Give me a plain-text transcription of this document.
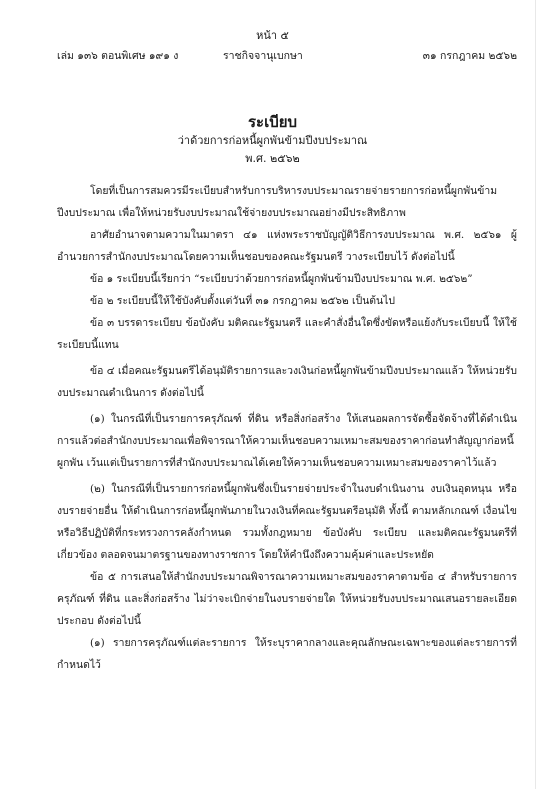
หน้า ๕
เล่ม ๑๓๖ ตอนพิเศษ ๑๙๑ ง	ราชกิจจานุเบกษา	๓๑ กรกฎาคม ๒๕๖๒
ระเบียบ
ว่าด้วยการก่อหนี้ผูกพันข้ามปีงบประมาณ
พ.ศ. ๒๕๖๒

โดยที่เป็นการสมควรมีระเบียบสำหรับการบริหารงบประมาณรายจ่ายรายการก่อหนี้ผูกพันข้ามปีงบประมาณ เพื่อให้หน่วยรับงบประมาณใช้จ่ายงบประมาณอย่างมีประสิทธิภาพ

อาศัยอำนาจตามความในมาตรา ๔๑ แห่งพระราชบัญญัติวิธีการงบประมาณ พ.ศ. ๒๕๖๑ ผู้อำนวยการสำนักงบประมาณโดยความเห็นชอบของคณะรัฐมนตรี วางระเบียบไว้ ดังต่อไปนี้

ข้อ ๑ ระเบียบนี้เรียกว่า “ระเบียบว่าด้วยการก่อหนี้ผูกพันข้ามปีงบประมาณ พ.ศ. ๒๕๖๒”

ข้อ ๒ ระเบียบนี้ให้ใช้บังคับตั้งแต่วันที่ ๓๑ กรกฎาคม ๒๕๖๒ เป็นต้นไป

ข้อ ๓ บรรดาระเบียบ ข้อบังคับ มติคณะรัฐมนตรี และคำสั่งอื่นใดซึ่งขัดหรือแย้งกับระเบียบนี้ ให้ใช้ระเบียบนี้แทน

ข้อ ๔ เมื่อคณะรัฐมนตรีได้อนุมัติรายการและวงเงินก่อหนี้ผูกพันข้ามปีงบประมาณแล้ว ให้หน่วยรับงบประมาณดำเนินการ ดังต่อไปนี้

(๑) ในกรณีที่เป็นรายการครุภัณฑ์ ที่ดิน หรือสิ่งก่อสร้าง ให้เสนอผลการจัดซื้อจัดจ้างที่ได้ดำเนินการแล้วต่อสำนักงบประมาณเพื่อพิจารณาให้ความเห็นชอบความเหมาะสมของราคาก่อนทำสัญญาก่อหนี้ผูกพัน เว้นแต่เป็นรายการที่สำนักงบประมาณได้เคยให้ความเห็นชอบความเหมาะสมของราคาไว้แล้ว

(๒) ในกรณีที่เป็นรายการก่อหนี้ผูกพันซึ่งเป็นรายจ่ายประจำในงบดำเนินงาน งบเงินอุดหนุน หรืองบรายจ่ายอื่น ให้ดำเนินการก่อหนี้ผูกพันภายในวงเงินที่คณะรัฐมนตรีอนุมัติ ทั้งนี้ ตามหลักเกณฑ์ เงื่อนไข หรือวิธีปฏิบัติที่กระทรวงการคลังกำหนด รวมทั้งกฎหมาย ข้อบังคับ ระเบียบ และมติคณะรัฐมนตรีที่เกี่ยวข้อง ตลอดจนมาตรฐานของทางราชการ โดยให้คำนึงถึงความคุ้มค่าและประหยัด

ข้อ ๕ การเสนอให้สำนักงบประมาณพิจารณาความเหมาะสมของราคาตามข้อ ๔ สำหรับรายการครุภัณฑ์ ที่ดิน และสิ่งก่อสร้าง ไม่ว่าจะเบิกจ่ายในงบรายจ่ายใด ให้หน่วยรับงบประมาณเสนอรายละเอียดประกอบ ดังต่อไปนี้

(๑) รายการครุภัณฑ์แต่ละรายการ ให้ระบุราคากลางและคุณลักษณะเฉพาะของแต่ละรายการที่กำหนดไว้
